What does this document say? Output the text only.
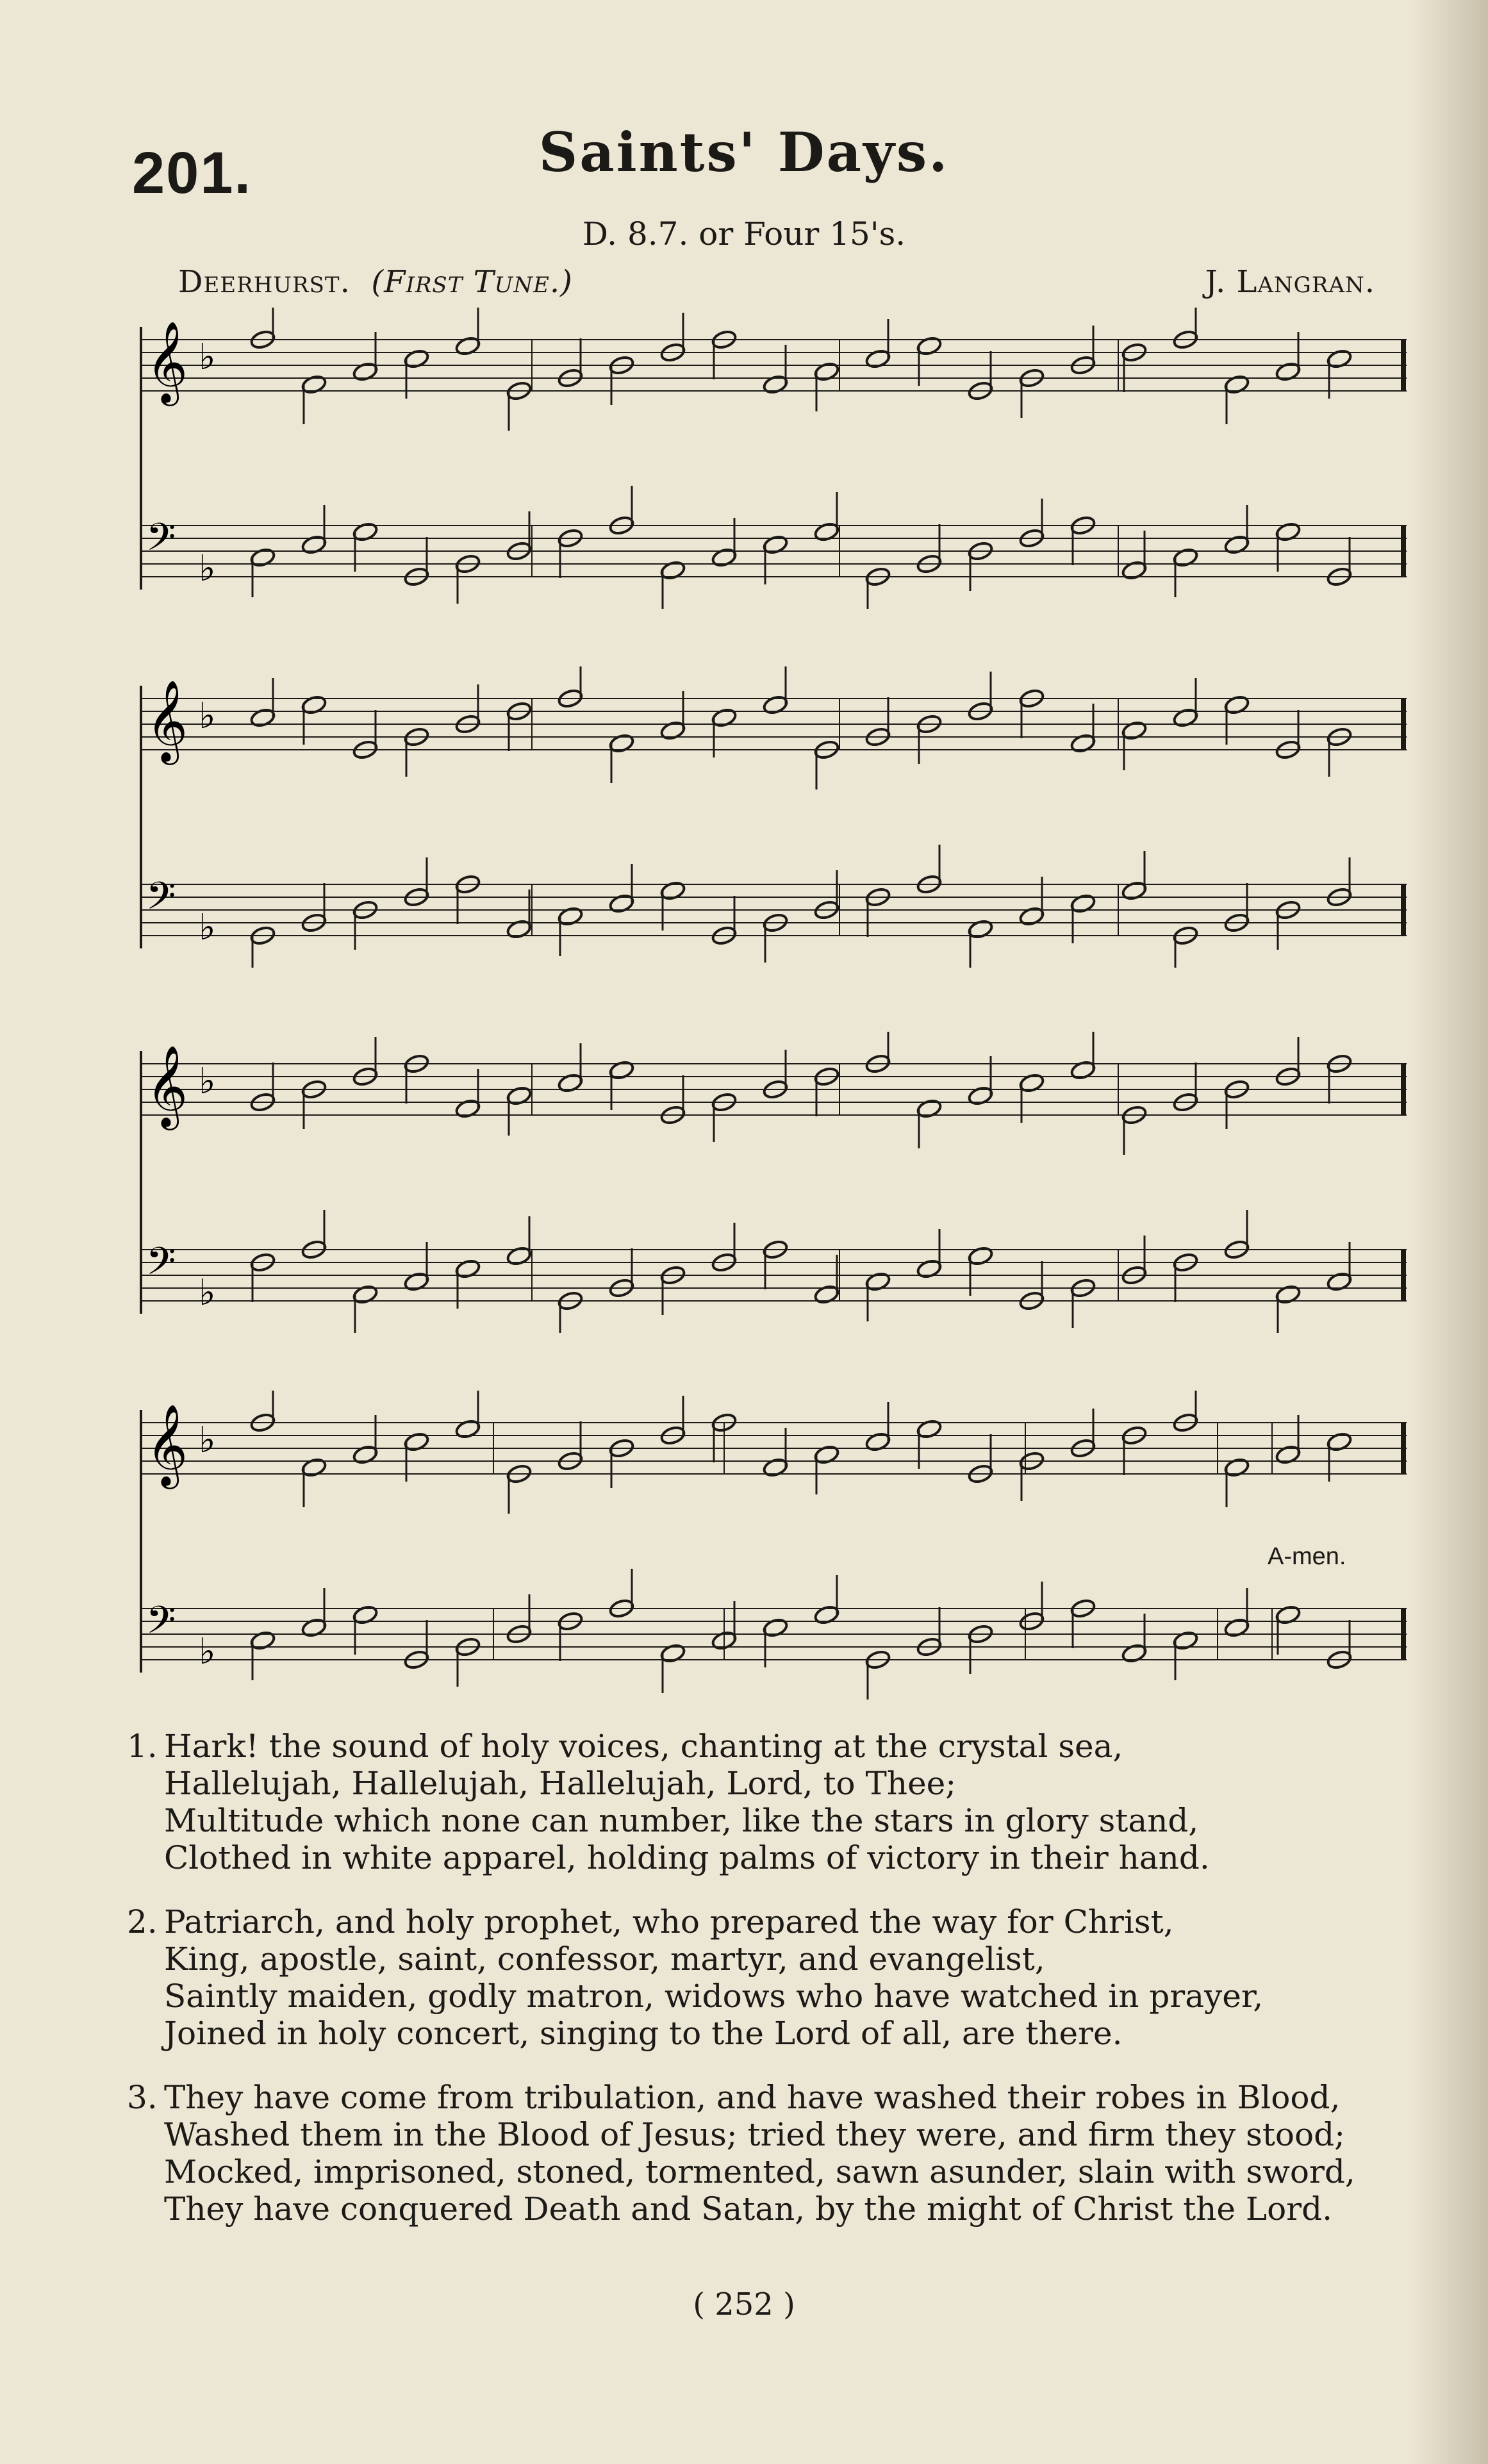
201.	Saints' Days.
D. 8.7. or Four 15's.
Deerhurst. (First Tune.)	J. Langran.
𝄞 ♭
𝄢
♭
𝄞 ♭
𝄢
♭
𝄞 ♭
𝄢
♭
𝄞 ♭
𝄢
♭
A-men.
1. Hark! the sound of holy voices, chanting at the crystal sea,
Hallelujah, Hallelujah, Hallelujah, Lord, to Thee;
Multitude which none can number, like the stars in glory stand,
Clothed in white apparel, holding palms of victory in their hand.
2. Patriarch, and holy prophet, who prepared the way for Christ,
King, apostle, saint, confessor, martyr, and evangelist,
Saintly maiden, godly matron, widows who have watched in prayer,
Joined in holy concert, singing to the Lord of all, are there.
3. They have come from tribulation, and have washed their robes in Blood,
Washed them in the Blood of Jesus; tried they were, and firm they stood;
Mocked, imprisoned, stoned, tormented, sawn asunder, slain with sword,
They have conquered Death and Satan, by the might of Christ the Lord.
( 252 )
